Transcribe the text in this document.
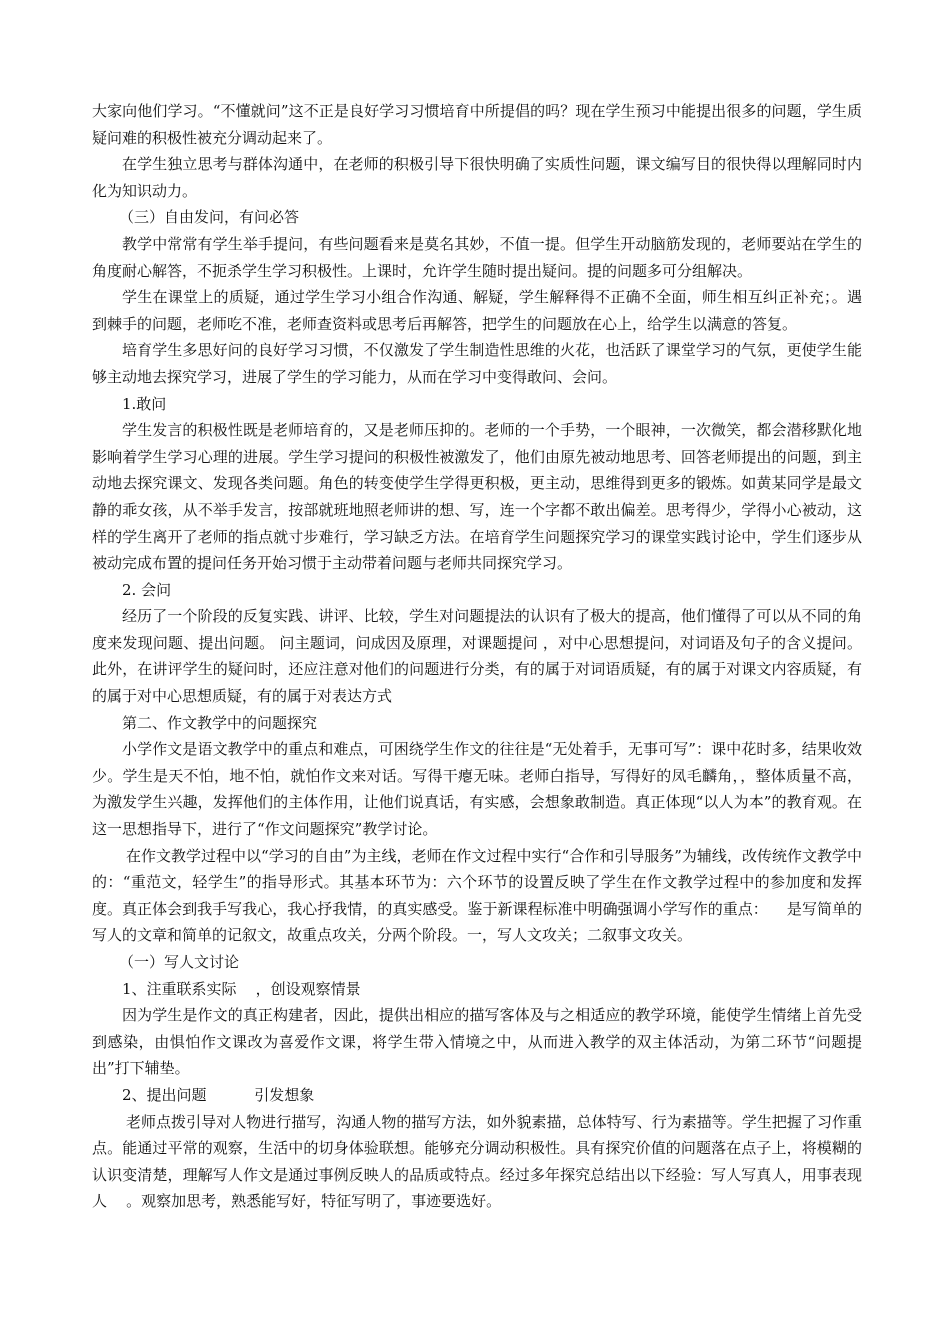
大家向他们学习。“不懂就问”这不正是良好学习习惯培育中所提倡的吗？现在学生预习中能提出很多的问题，学生质疑问难的积极性被充分调动起来了。

在学生独立思考与群体沟通中，在老师的积极引导下很快明确了实质性问题，课文编写目的很快得以理解同时内化为知识动力。

（三）自由发问，有问必答

教学中常常有学生举手提问，有些问题看来是莫名其妙，不值一提。但学生开动脑筋发现的，老师要站在学生的角度耐心解答，不扼杀学生学习积极性。上课时，允许学生随时提出疑问。提的问题多可分组解决。

学生在课堂上的质疑，通过学生学习小组合作沟通、解疑，学生解释得不正确不全面，师生相互纠正补充；。遇到棘手的问题，老师吃不准，老师查资料或思考后再解答，把学生的问题放在心上，给学生以满意的答复。

培育学生多思好问的良好学习习惯，不仅激发了学生制造性思维的火花，也活跃了课堂学习的气氛，更使学生能够主动地去探究学习，进展了学生的学习能力，从而在学习中变得敢问、会问。

1.敢问

学生发言的积极性既是老师培育的，又是老师压抑的。老师的一个手势，一个眼神，一次微笑，都会潜移默化地影响着学生学习心理的进展。学生学习提问的积极性被激发了，他们由原先被动地思考、回答老师提出的问题，到主动地去探究课文、发现各类问题。角色的转变使学生学得更积极，更主动，思维得到更多的锻炼。如黄某同学是最文静的乖女孩，从不举手发言，按部就班地照老师讲的想、写，连一个字都不敢出偏差。思考得少，学得小心被动，这样的学生离开了老师的指点就寸步难行，学习缺乏方法。在培育学生问题探究学习的课堂实践讨论中，学生们逐步从被动完成布置的提问任务开始习惯于主动带着问题与老师共同探究学习。

2. 会问

经历了一个阶段的反复实践、讲评、比较，学生对问题提法的认识有了极大的提高，他们懂得了可以从不同的角度来发现问题、提出问题。 问主题词，问成因及原理，对课题提问 ，对中心思想提问，对词语及句子的含义提问。此外，在讲评学生的疑问时，还应注意对他们的问题进行分类，有的属于对词语质疑，有的属于对课文内容质疑，有的属于对中心思想质疑，有的属于对表达方式

第二、作文教学中的问题探究

小学作文是语文教学中的重点和难点，可困绕学生作文的往往是“无处着手，无事可写”：课中花时多，结果收效少。学生是天不怕，地不怕，就怕作文来对话。写得干瘪无味。老师白指导，写得好的凤毛麟角，，整体质量不高，为激发学生兴趣，发挥他们的主体作用，让他们说真话，有实感，会想象敢制造。真正体现“以人为本”的教育观。在这一思想指导下，进行了“作文问题探究”教学讨论。

在作文教学过程中以“学习的自由”为主线，老师在作文过程中实行“合作和引导服务”为辅线，改传统作文教学中的：“重范文，轻学生”的指导形式。其基本环节为：六个环节的设置反映了学生在作文教学过程中的参加度和发挥度。真正体会到我手写我心，我心抒我情，的真实感受。鉴于新课程标准中明确强调小学写作的重点：    是写简单的写人的文章和简单的记叙文，故重点攻关，分两个阶段。一，写人文攻关；二叙事文攻关。

（一）写人文讨论

1、注重联系实际    ，创设观察情景

因为学生是作文的真正构建者，因此，提供出相应的描写客体及与之相适应的教学环境，能使学生情绪上首先受到感染，由惧怕作文课改为喜爱作文课，将学生带入情境之中，从而进入教学的双主体活动，为第二环节“问题提出”打下辅垫。

2、提出问题          引发想象

老师点拨引导对人物进行描写，沟通人物的描写方法，如外貌素描，总体特写、行为素描等。学生把握了习作重点。能通过平常的观察，生活中的切身体验联想。能够充分调动积极性。具有探究价值的问题落在点子上，将模糊的认识变清楚，理解写人作文是通过事例反映人的品质或特点。经过多年探究总结出以下经验：写人写真人，用事表现人    。观察加思考，熟悉能写好，特征写明了，事迹要选好。
